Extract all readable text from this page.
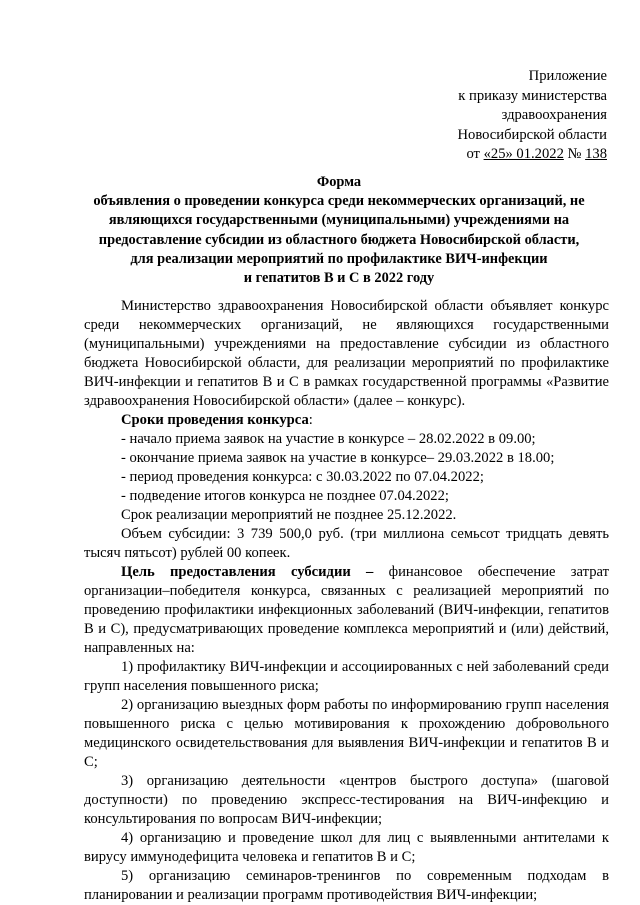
Приложение
к приказу министерства
здравоохранения
Новосибирской области
от «25» 01.2022 № 138
Форма
объявления о проведении конкурса среди некоммерческих организаций, не
являющихся государственными (муниципальными) учреждениями на
предоставление субсидии из областного бюджета Новосибирской области,
для реализации мероприятий по профилактике ВИЧ-инфекции
и гепатитов В и С в 2022 году

Министерство здравоохранения Новосибирской области объявляет конкурс среди некоммерческих организаций, не являющихся государственными (муниципальными) учреждениями на предоставление субсидии из областного бюджета Новосибирской области, для реализации мероприятий по профилактике ВИЧ-инфекции и гепатитов В и С в рамках государственной программы «Развитие здравоохранения Новосибирской области» (далее – конкурс).

Сроки проведения конкурса:

- начало приема заявок на участие в конкурсе – 28.02.2022 в 09.00;

- окончание приема заявок на участие в конкурсе– 29.03.2022 в 18.00;

- период проведения конкурса: с 30.03.2022 по 07.04.2022;

- подведение итогов конкурса не позднее 07.04.2022;

Срок реализации мероприятий не позднее 25.12.2022.

Объем субсидии: 3 739 500,0 руб. (три миллиона семьсот тридцать девять тысяч пятьсот) рублей 00 копеек.

Цель предоставления субсидии – финансовое обеспечение затрат организации–победителя конкурса, связанных с реализацией мероприятий по проведению профилактики инфекционных заболеваний (ВИЧ-инфекции, гепатитов В и С), предусматривающих проведение комплекса мероприятий и (или) действий, направленных на:

1) профилактику ВИЧ-инфекции и ассоциированных с ней заболеваний среди групп населения повышенного риска;

2) организацию выездных форм работы по информированию групп населения повышенного риска с целью мотивирования к прохождению добровольного медицинского освидетельствования для выявления ВИЧ-инфекции и гепатитов В и С;

3) организацию деятельности «центров быстрого доступа» (шаговой доступности) по проведению экспресс-тестирования на ВИЧ-инфекцию и консультирования по вопросам ВИЧ-инфекции;

4) организацию и проведение школ для лиц с выявленными антителами к вирусу иммунодефицита человека и гепатитов В и С;

5) организацию семинаров-тренингов по современным подходам в планировании и реализации программ противодействия ВИЧ-инфекции;
